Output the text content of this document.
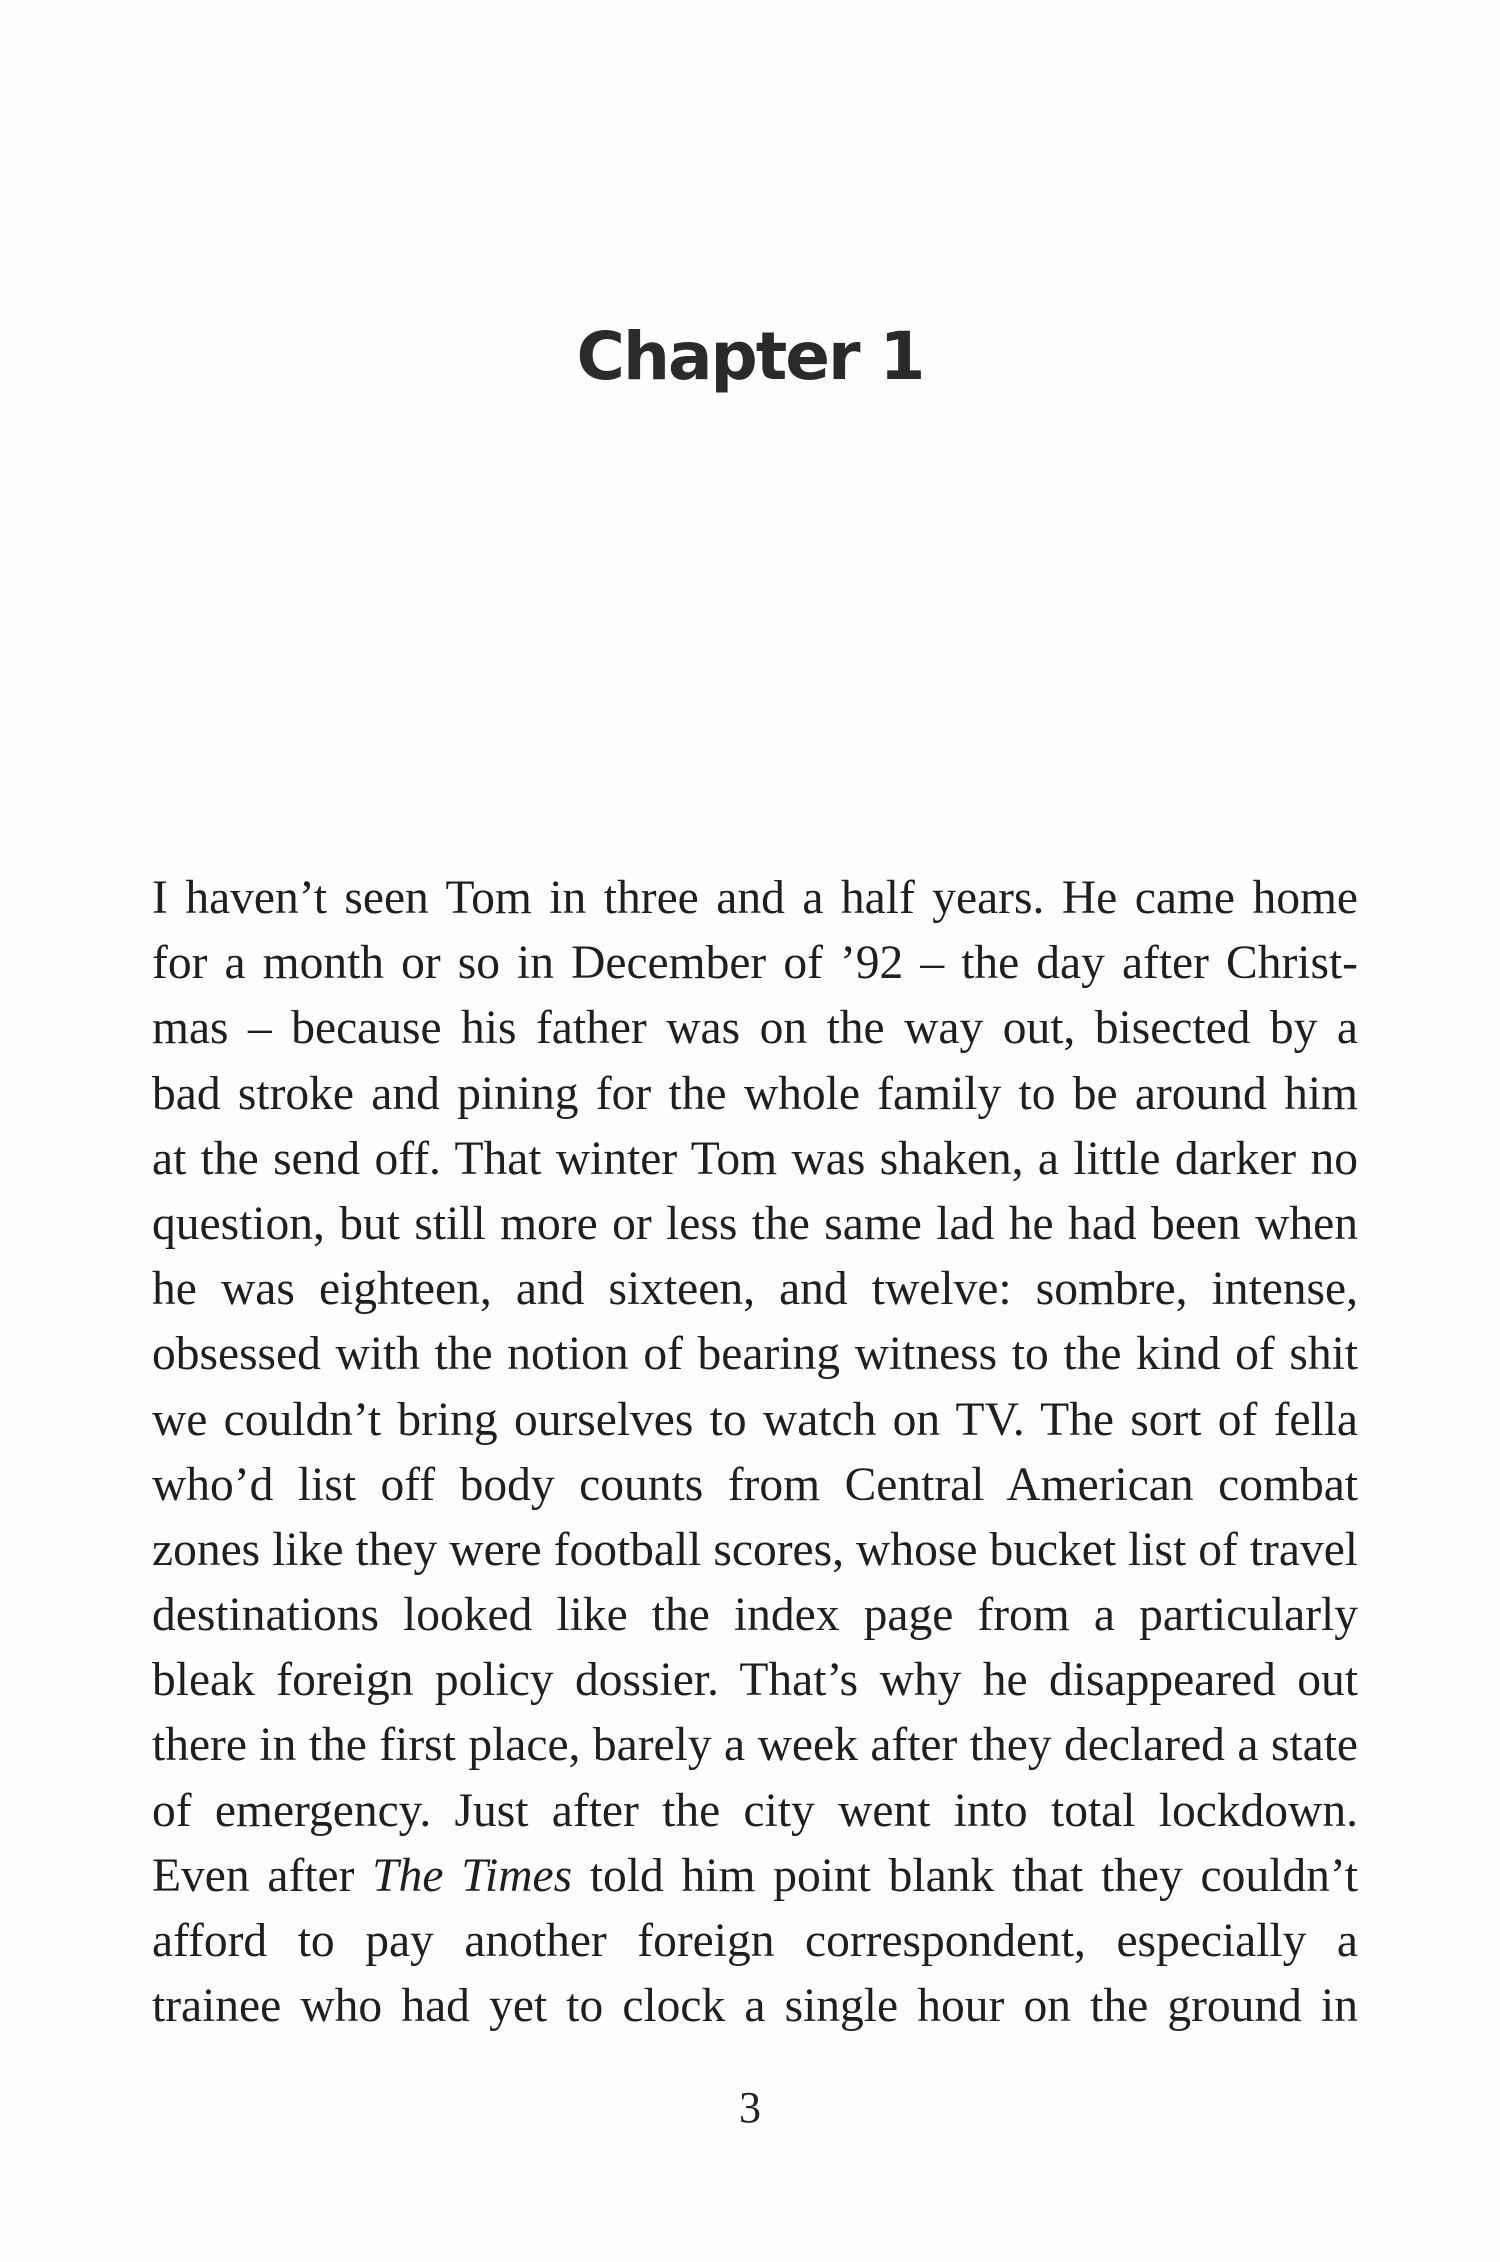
Chapter 1
I haven’t seen Tom in three and a half years. He came home
for a month or so in December of ’92 – the day after Christ-
mas – because his father was on the way out, bisected by a
bad stroke and pining for the whole family to be around him
at the send off. That winter Tom was shaken, a little darker no
question, but still more or less the same lad he had been when
he was eighteen, and sixteen, and twelve: sombre, intense,
obsessed with the notion of bearing witness to the kind of shit
we couldn’t bring ourselves to watch on TV. The sort of fella
who’d list off body counts from Central American combat
zones like they were football scores, whose bucket list of travel
destinations looked like the index page from a particularly
bleak foreign policy dossier. That’s why he disappeared out
there in the first place, barely a week after they declared a state
of emergency. Just after the city went into total lockdown.
Even after The Times told him point blank that they couldn’t
afford to pay another foreign correspondent, especially a
trainee who had yet to clock a single hour on the ground in
3
